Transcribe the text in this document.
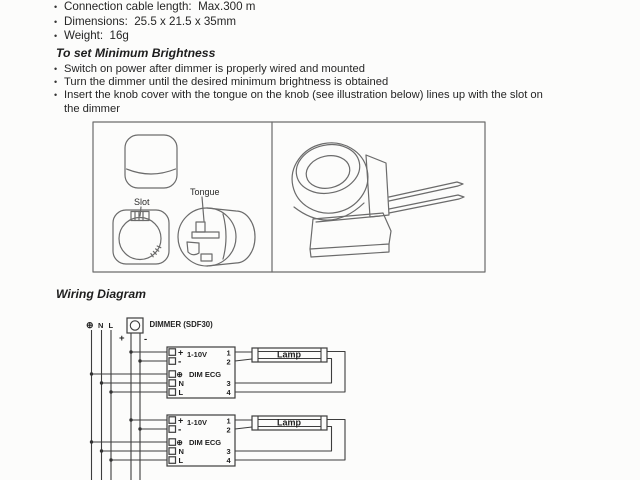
• Connection cable length:  Max.300 m
• Dimensions:  25.5 x 21.5 x 35mm
• Weight:  16g
To set Minimum Brightness
• Switch on power after dimmer is properly wired and mounted
• Turn the dimmer until the desired minimum brightness is obtained
• Insert the knob cover with the tongue on the knob (see illustration below) lines up with the slot on the dimmer
Slot
Tongue
Wiring Diagram
⊕ N L	DIMMER (SDF30)
+ -
+ 1-10V
-
⊕ DIM ECG
N
L
1
2
3
4
Lamp
+ 1-10V
-
⊕ DIM ECG
N
L
1
2
3
4
Lamp
